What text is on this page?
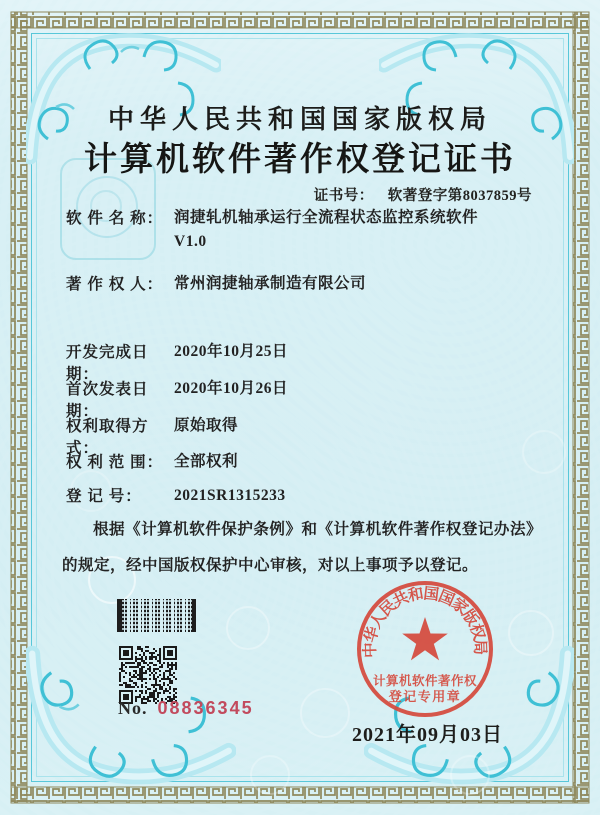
中华人民共和国国家版权局
计算机软件著作权登记证书
证书号： 软著登字第8037859号
软 件 名 称： 润捷轧机轴承运行全流程状态监控系统软件
V1.0
著 作 权 人： 常州润捷轴承制造有限公司
开发完成日期：2020年10月25日
首次发表日期：2020年10月26日
权利取得方式：原始取得
权 利 范 围： 全部权利
登 记 号： 2021SR1315233
根据《计算机软件保护条例》和《计算机软件著作权登记办法》的规定，经中国版权保护中心审核，对以上事项予以登记。
No. 08836345
中华人民共和国国家版权局
计算机软件著作权
登记专用章
2021年09月03日
